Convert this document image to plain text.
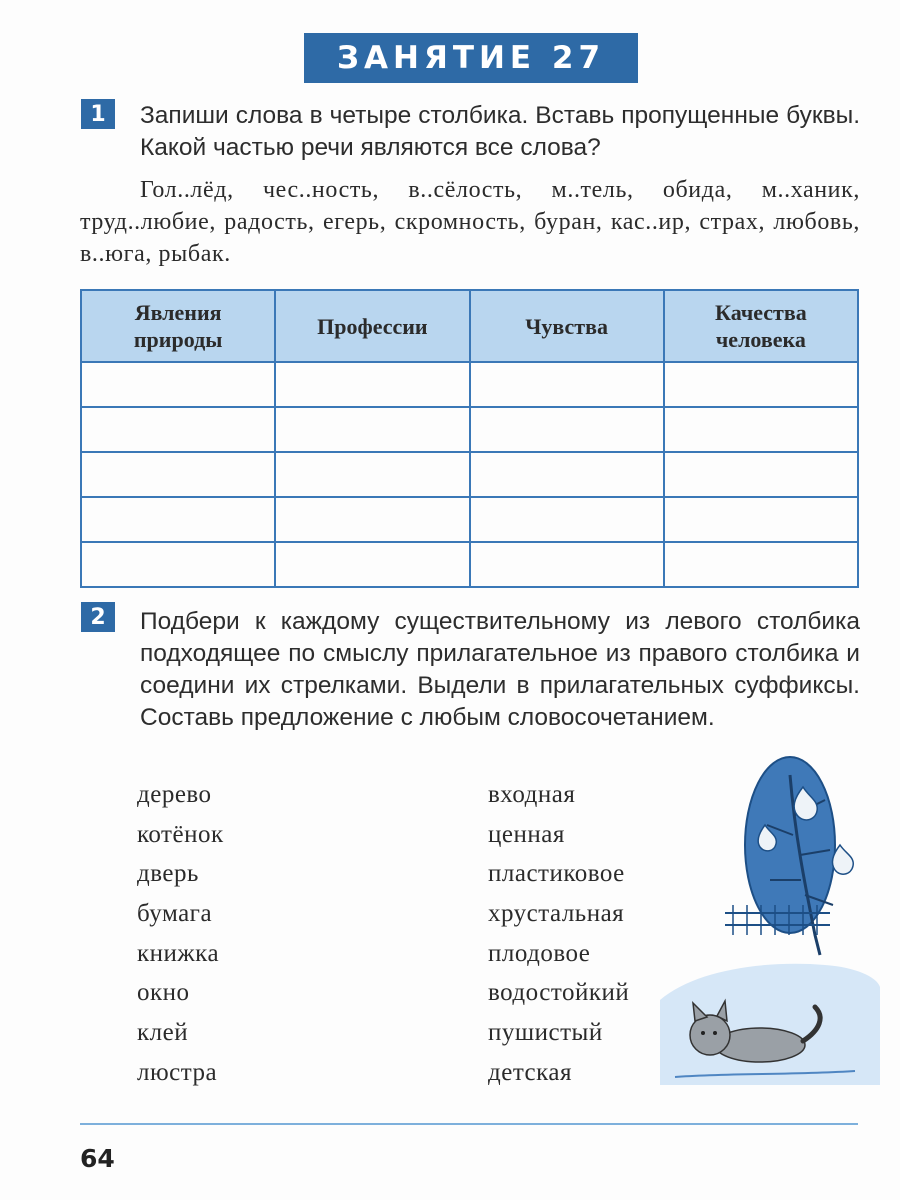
ЗАНЯТИЕ 27
1	Запиши слова в четыре столбика. Вставь пропущенные буквы. Какой частью речи являются все слова?

Гол..лёд, чес..ность, в..сёлость, м..тель, обида, м..ханик, труд..любие, радость, егерь, скромность, буран, кас..ир, страх, любовь, в..юга, рыбак.

Явления природы	Профессии	Чувства	Качества человека

2	Подбери к каждому существительному из левого столбика подходящее по смыслу прилагательное из правого столбика и соедини их стрелками. Выдели в прилагательных суффиксы. Составь предложение с любым словосочетанием.

дерево
котёнок
дверь
бумага
книжка
окно
клей
люстра
входная
ценная
пластиковое
хрустальная
плодовое
водостойкий
пушистый
детская
64
